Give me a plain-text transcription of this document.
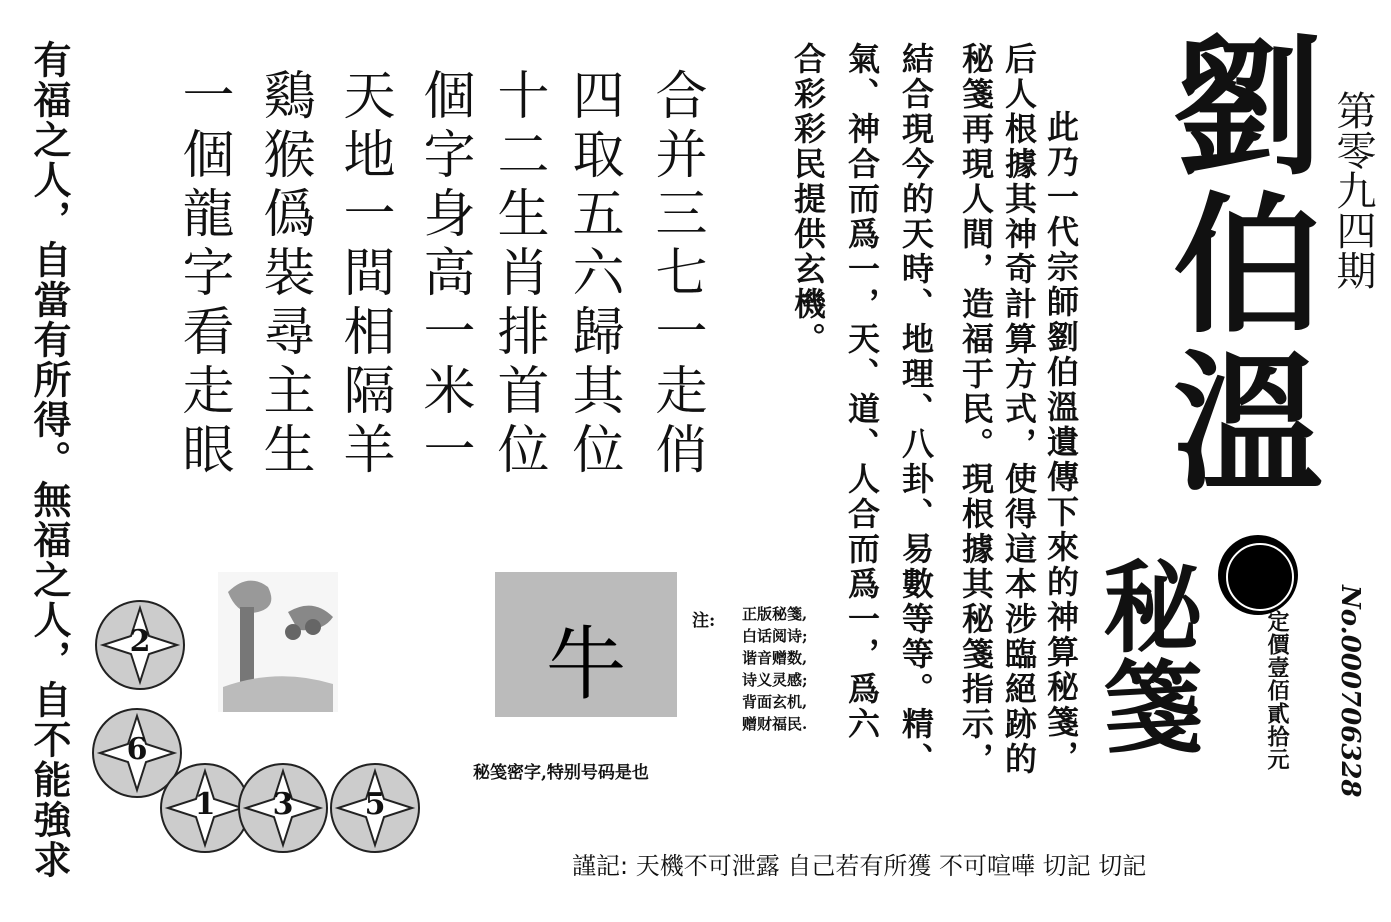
有福之人，自當有所得。無福之人，自不能強求	合并三七一走俏
四取五六歸其位
十二生肖排首位
個字身高一米一
天地一間相隔羊
鷄猴僞裝尋主生
一個龍字看走眼	此乃一代宗師劉伯溫遺傳下來的神算秘箋，
后人根據其神奇計算方式，使得這本涉臨絕跡的
秘箋再現人間，造福于民。現根據其秘箋指示，
結合現今的天時、地理、八卦、易數等等。精、
氣、神合而爲一，天、道、人合而爲一，爲六
合彩彩民提供玄機。 劉伯溫 第零九四期
秘箋	定價壹佰貳拾元 No.000706328
牛	注: 正版秘箋,
白话阅诗;
谐音赠数,
诗义灵感;
背面玄机,
赠财福民.
秘笺密字,特别号码是也
2
6
1	3	5
謹記: 天機不可泄露 自己若有所獲 不可喧嘩 切記 切記
